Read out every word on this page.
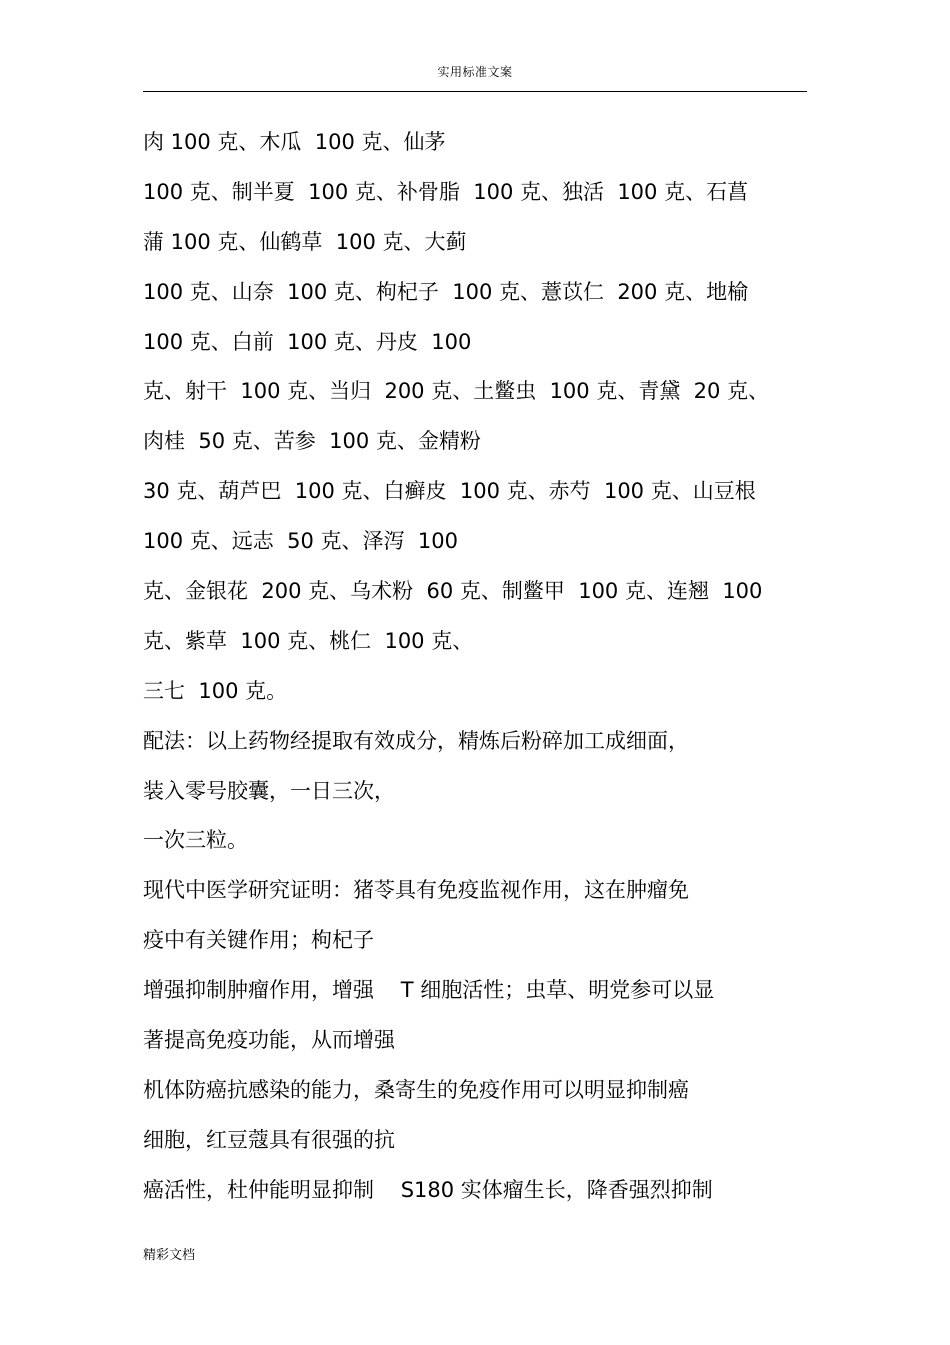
实用标准文案
肉 100 克、木瓜  100 克、仙茅
100 克、制半夏  100 克、补骨脂  100 克、独活  100 克、石菖
蒲 100 克、仙鹤草  100 克、大蓟
100 克、山奈  100 克、枸杞子  100 克、薏苡仁  200 克、地榆
100 克、白前  100 克、丹皮  100
克、射干  100 克、当归  200 克、土鳖虫  100 克、青黛  20 克、
肉桂  50 克、苦参  100 克、金精粉
30 克、葫芦巴  100 克、白癣皮  100 克、赤芍  100 克、山豆根
100 克、远志  50 克、泽泻  100
克、金银花  200 克、乌术粉  60 克、制鳖甲  100 克、连翘  100
克、紫草  100 克、桃仁  100 克、
三七  100 克。
配法：以上药物经提取有效成分，精炼后粉碎加工成细面，
装入零号胶囊，一日三次，
一次三粒。
现代中医学研究证明：猪苓具有免疫监视作用，这在肿瘤免
疫中有关键作用；枸杞子
增强抑制肿瘤作用，增强    T 细胞活性；虫草、明党参可以显
著提高免疫功能，从而增强
机体防癌抗感染的能力，桑寄生的免疫作用可以明显抑制癌
细胞，红豆蔻具有很强的抗
癌活性，杜仲能明显抑制    S180 实体瘤生长，降香强烈抑制
精彩文档
